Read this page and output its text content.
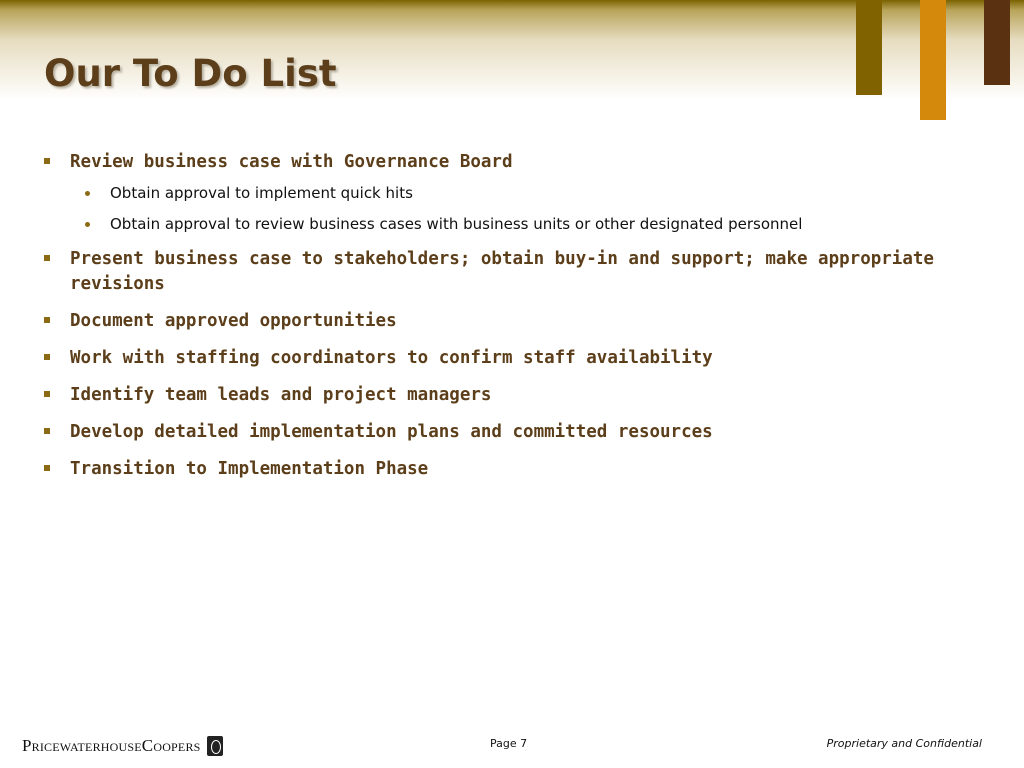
Our To Do List
Review business case with Governance Board
Obtain approval to implement quick hits
Obtain approval to review business cases with business units or other designated personnel
Present business case to stakeholders; obtain buy-in and support; make appropriate revisions
Document approved opportunities
Work with staffing coordinators to confirm staff availability
Identify team leads and project managers
Develop detailed implementation plans and committed resources
Transition to Implementation Phase
PricewaterhouseCoopers	Page 7	Proprietary and Confidential
